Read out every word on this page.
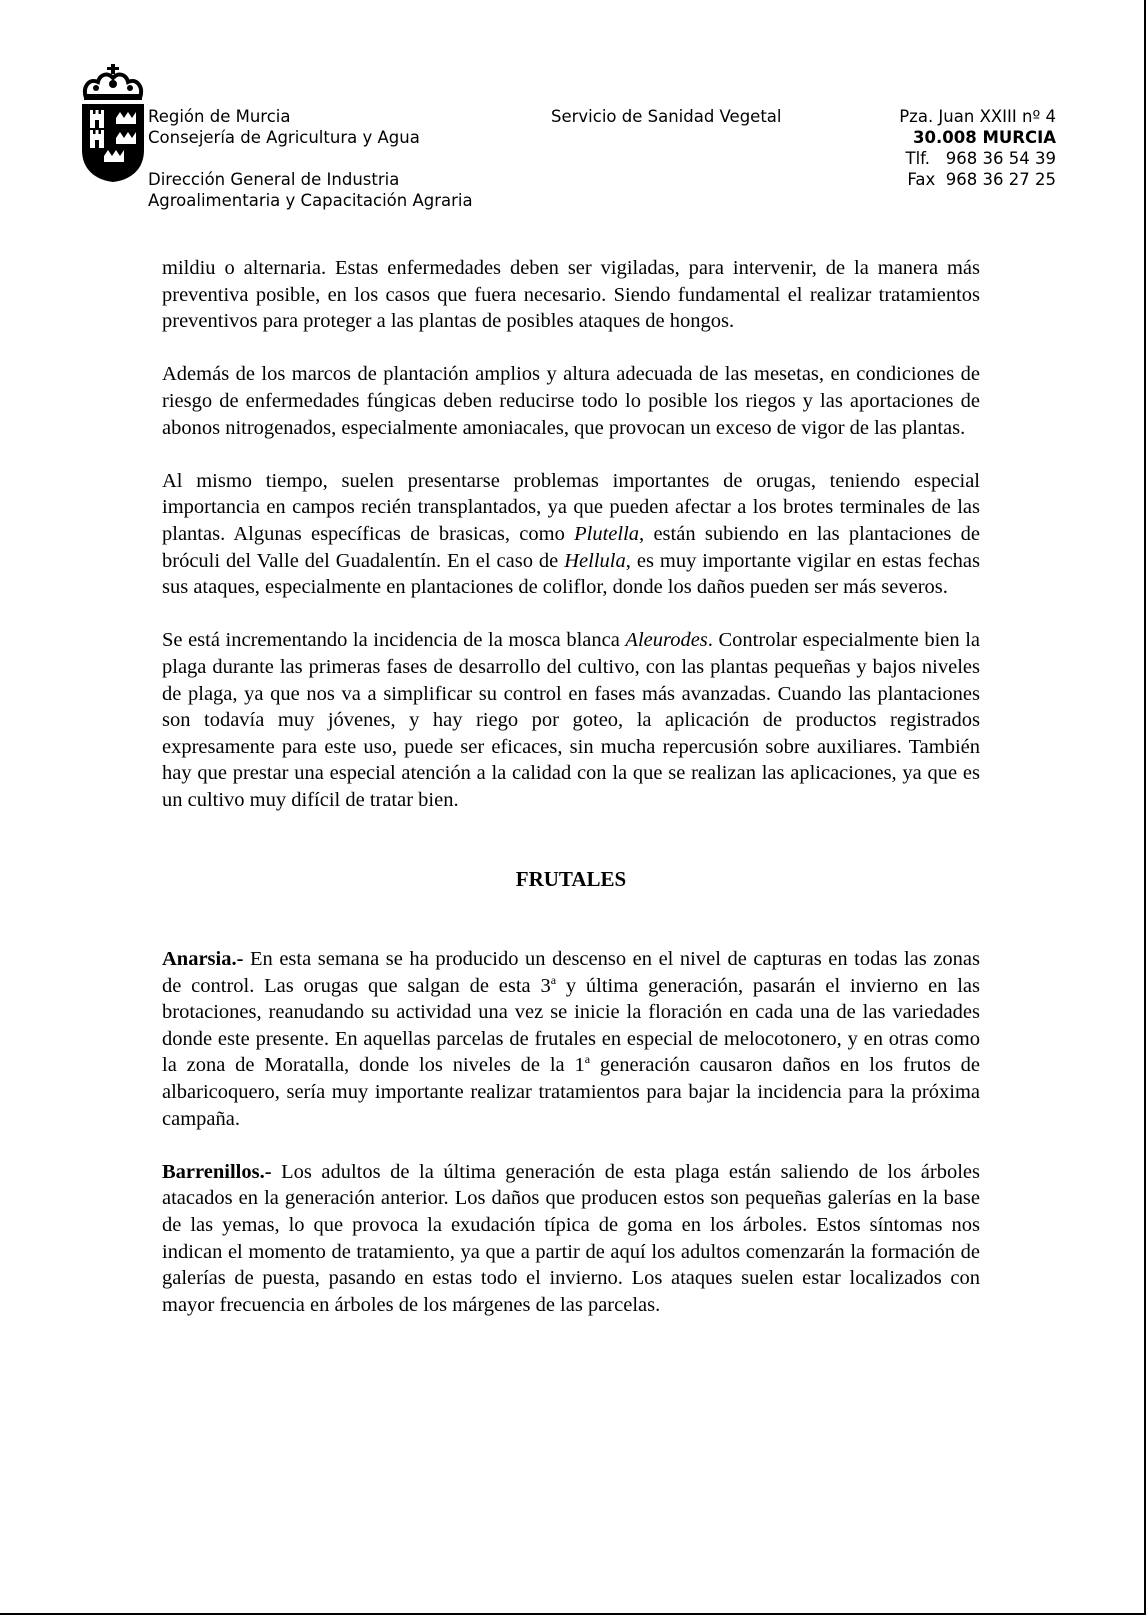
Región de Murcia
Consejería de Agricultura y Agua
Dirección General de Industria
Agroalimentaria y Capacitación Agraria
Servicio de Sanidad Vegetal	Pza. Juan XXIII nº 4
30.008 MURCIA
Tlf. 968 36 54 39
Fax 968 36 27 25

mildiu o alternaria. Estas enfermedades deben ser vigiladas, para intervenir, de la manera más preventiva posible, en los casos que fuera necesario. Siendo fundamental el realizar tratamientos preventivos para proteger a las plantas de posibles ataques de hongos.

Además de los marcos de plantación amplios y altura adecuada de las mesetas, en condiciones de riesgo de enfermedades fúngicas deben reducirse todo lo posible los riegos y las aportaciones de abonos nitrogenados, especialmente amoniacales, que provocan un exceso de vigor de las plantas.

Al mismo tiempo, suelen presentarse problemas importantes de orugas, teniendo especial importancia en campos recién transplantados, ya que pueden afectar a los brotes terminales de las plantas. Algunas específicas de brasicas, como Plutella, están subiendo en las plantaciones de bróculi del Valle del Guadalentín. En el caso de Hellula, es muy importante vigilar en estas fechas sus ataques, especialmente en plantaciones de coliflor, donde los daños pueden ser más severos.

Se está incrementando la incidencia de la mosca blanca Aleurodes. Controlar especialmente bien la plaga durante las primeras fases de desarrollo del cultivo, con las plantas pequeñas y bajos niveles de plaga, ya que nos va a simplificar su control en fases más avanzadas. Cuando las plantaciones son todavía muy jóvenes, y hay riego por goteo, la aplicación de productos registrados expresamente para este uso, puede ser eficaces, sin mucha repercusión sobre auxiliares. También hay que prestar una especial atención a la calidad con la que se realizan las aplicaciones, ya que es un cultivo muy difícil de tratar bien.

FRUTALES

Anarsia.- En esta semana se ha producido un descenso en el nivel de capturas en todas las zonas de control. Las orugas que salgan de esta 3$^a$ y última generación, pasarán el invierno en las brotaciones, reanudando su actividad una vez se inicie la floración en cada una de las variedades donde este presente. En aquellas parcelas de frutales en especial de melocotonero, y en otras como la zona de Moratalla, donde los niveles de la 1$^a$ generación causaron daños en los frutos de albaricoquero, sería muy importante realizar tratamientos para bajar la incidencia para la próxima campaña.

Barrenillos.- Los adultos de la última generación de esta plaga están saliendo de los árboles atacados en la generación anterior. Los daños que producen estos son pequeñas galerías en la base de las yemas, lo que provoca la exudación típica de goma en los árboles. Estos síntomas nos indican el momento de tratamiento, ya que a partir de aquí los adultos comenzarán la formación de galerías de puesta, pasando en estas todo el invierno. Los ataques suelen estar localizados con mayor frecuencia en árboles de los márgenes de las parcelas.
